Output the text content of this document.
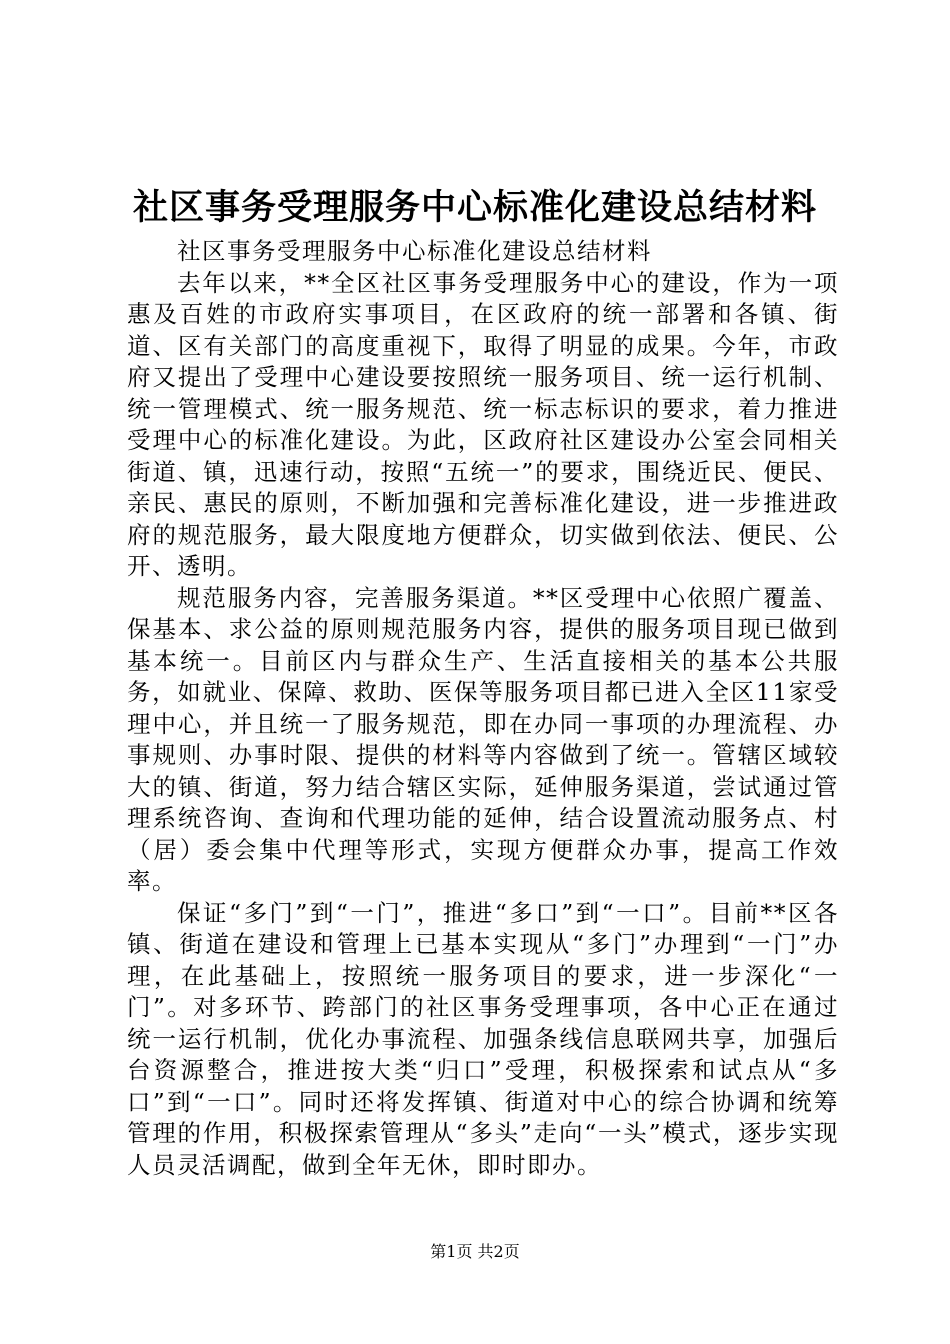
社区事务受理服务中心标准化建设总结材料

社区事务受理服务中心标准化建设总结材料

去年以来，**全区社区事务受理服务中心的建设，作为一项惠及百姓的市政府实事项目，在区政府的统一部署和各镇、街道、区有关部门的高度重视下，取得了明显的成果。今年，市政府又提出了受理中心建设要按照统一服务项目、统一运行机制、统一管理模式、统一服务规范、统一标志标识的要求，着力推进受理中心的标准化建设。为此，区政府社区建设办公室会同相关街道、镇，迅速行动，按照“五统一”的要求，围绕近民、便民、亲民、惠民的原则，不断加强和完善标准化建设，进一步推进政府的规范服务，最大限度地方便群众，切实做到依法、便民、公开、透明。

规范服务内容，完善服务渠道。**区受理中心依照广覆盖、保基本、求公益的原则规范服务内容，提供的服务项目现已做到基本统一。目前区内与群众生产、生活直接相关的基本公共服务，如就业、保障、救助、医保等服务项目都已进入全区11家受理中心，并且统一了服务规范，即在办同一事项的办理流程、办事规则、办事时限、提供的材料等内容做到了统一。管辖区域较大的镇、街道，努力结合辖区实际，延伸服务渠道，尝试通过管理系统咨询、查询和代理功能的延伸，结合设置流动服务点、村（居）委会集中代理等形式，实现方便群众办事，提高工作效率。

保证“多门”到“一门”，推进“多口”到“一口”。目前**区各镇、街道在建设和管理上已基本实现从“多门”办理到“一门”办理，在此基础上，按照统一服务项目的要求，进一步深化“一门”。对多环节、跨部门的社区事务受理事项，各中心正在通过统一运行机制，优化办事流程、加强条线信息联网共享，加强后台资源整合，推进按大类“归口”受理，积极探索和试点从“多口”到“一口”。同时还将发挥镇、街道对中心的综合协调和统筹管理的作用，积极探索管理从“多头”走向“一头”模式，逐步实现人员灵活调配，做到全年无休，即时即办。

第1页 共2页
